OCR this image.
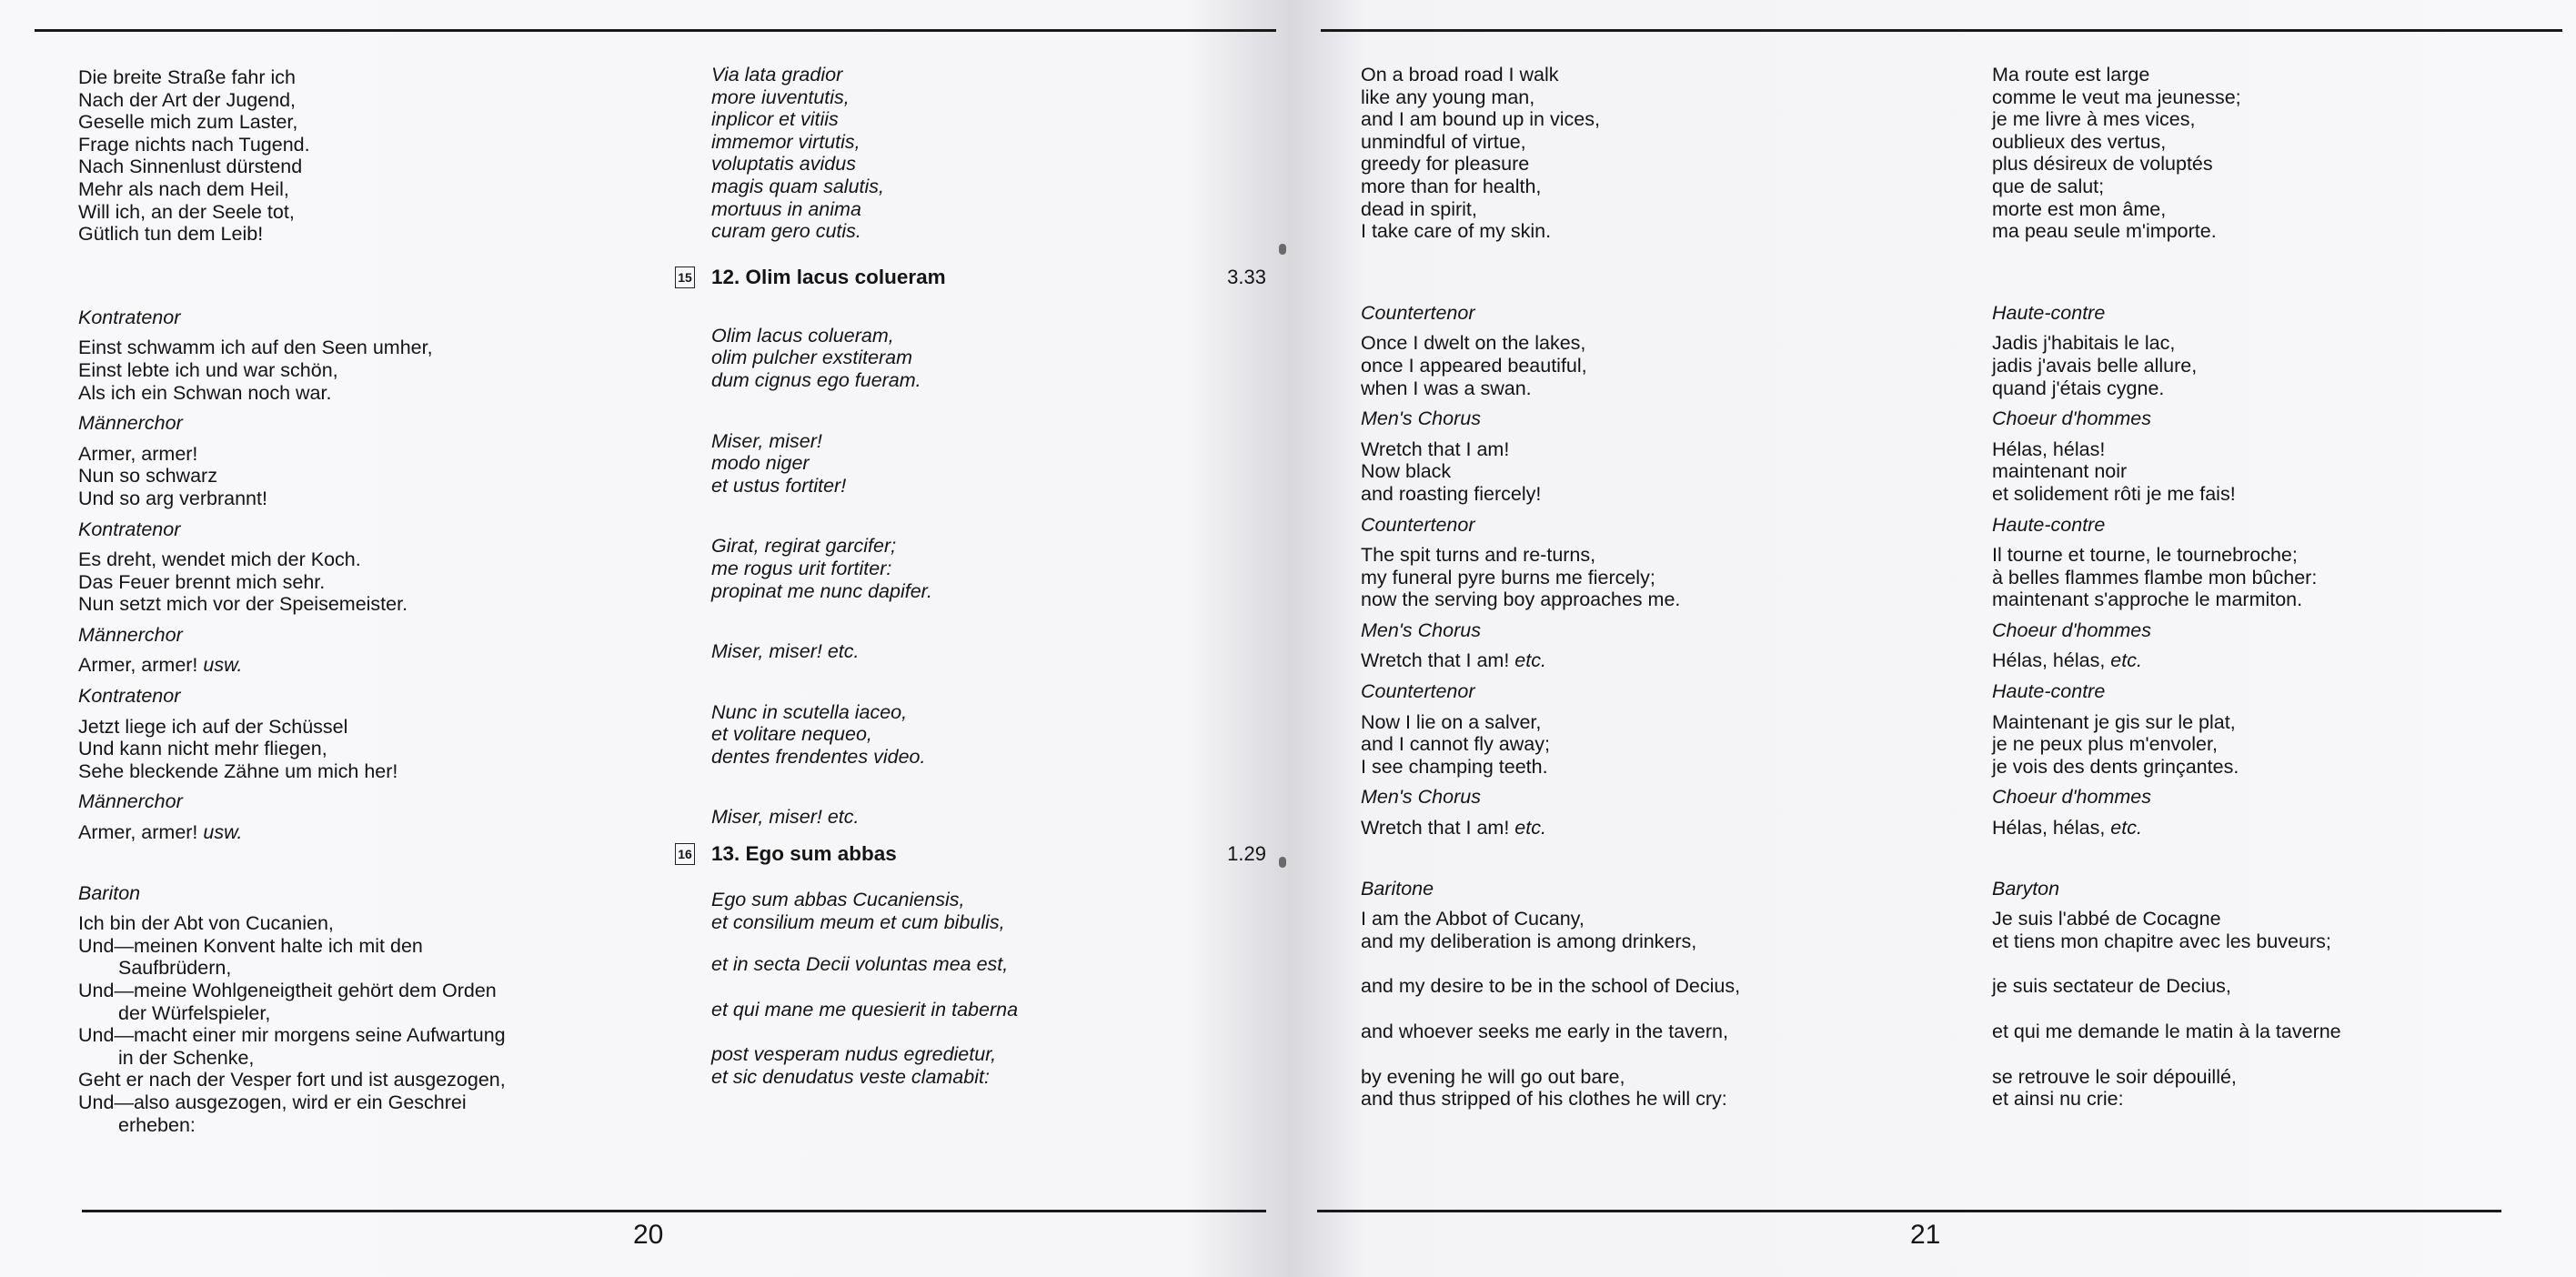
Die breite Straße fahr ich
Nach der Art der Jugend,
Geselle mich zum Laster,
Frage nichts nach Tugend.
Nach Sinnenlust dürstend
Mehr als nach dem Heil,
Will ich, an der Seele tot,
Gütlich tun dem Leib!
Kontratenor
Einst schwamm ich auf den Seen umher,
Einst lebte ich und war schön,
Als ich ein Schwan noch war.
Männerchor
Armer, armer!
Nun so schwarz
Und so arg verbrannt!
Kontratenor
Es dreht, wendet mich der Koch.
Das Feuer brennt mich sehr.
Nun setzt mich vor der Speisemeister.
Männerchor
Armer, armer! usw.
Kontratenor
Jetzt liege ich auf der Schüssel
Und kann nicht mehr fliegen,
Sehe bleckende Zähne um mich her!
Männerchor
Armer, armer! usw.
Bariton
Ich bin der Abt von Cucanien,
Und—meinen Konvent halte ich mit den
Saufbrüdern,
Und—meine Wohlgeneigtheit gehört dem Orden
der Würfelspieler,
Und—macht einer mir morgens seine Aufwartung
in der Schenke,
Geht er nach der Vesper fort und ist ausgezogen,
Und—also ausgezogen, wird er ein Geschrei
erheben:
Via lata gradior
more iuventutis,
inplicor et vitiis
immemor virtutis,
voluptatis avidus
magis quam salutis,
mortuus in anima
curam gero cutis.
15 12. Olim lacus colueram	3.33
Olim lacus colueram,
olim pulcher exstiteram
dum cignus ego fueram.
Miser, miser!
modo niger
et ustus fortiter!
Girat, regirat garcifer;
me rogus urit fortiter:
propinat me nunc dapifer.
Miser, miser! etc.
Nunc in scutella iaceo,
et volitare nequeo,
dentes frendentes video.
Miser, miser! etc.
16 13. Ego sum abbas	1.29
Ego sum abbas Cucaniensis,
et consilium meum et cum bibulis,
et in secta Decii voluntas mea est,
et qui mane me quesierit in taberna
post vesperam nudus egredietur,
et sic denudatus veste clamabit:
20
On a broad road I walk
like any young man,
and I am bound up in vices,
unmindful of virtue,
greedy for pleasure
more than for health,
dead in spirit,
I take care of my skin.
Countertenor
Once I dwelt on the lakes,
once I appeared beautiful,
when I was a swan.
Men's Chorus
Wretch that I am!
Now black
and roasting fiercely!
Countertenor
The spit turns and re-turns,
my funeral pyre burns me fiercely;
now the serving boy approaches me.
Men's Chorus
Wretch that I am! etc.
Countertenor
Now I lie on a salver,
and I cannot fly away;
I see champing teeth.
Men's Chorus
Wretch that I am! etc.
Baritone
I am the Abbot of Cucany,
and my deliberation is among drinkers,
and my desire to be in the school of Decius,
and whoever seeks me early in the tavern,
by evening he will go out bare,
and thus stripped of his clothes he will cry:
Ma route est large
comme le veut ma jeunesse;
je me livre à mes vices,
oublieux des vertus,
plus désireux de voluptés
que de salut;
morte est mon âme,
ma peau seule m'importe.
Haute-contre
Jadis j'habitais le lac,
jadis j'avais belle allure,
quand j'étais cygne.
Choeur d'hommes
Hélas, hélas!
maintenant noir
et solidement rôti je me fais!
Haute-contre
Il tourne et tourne, le tournebroche;
à belles flammes flambe mon bûcher:
maintenant s'approche le marmiton.
Choeur d'hommes
Hélas, hélas, etc.
Haute-contre
Maintenant je gis sur le plat,
je ne peux plus m'envoler,
je vois des dents grinçantes.
Choeur d'hommes
Hélas, hélas, etc.
Baryton
Je suis l'abbé de Cocagne
et tiens mon chapitre avec les buveurs;
je suis sectateur de Decius,
et qui me demande le matin à la taverne
se retrouve le soir dépouillé,
et ainsi nu crie:
21
